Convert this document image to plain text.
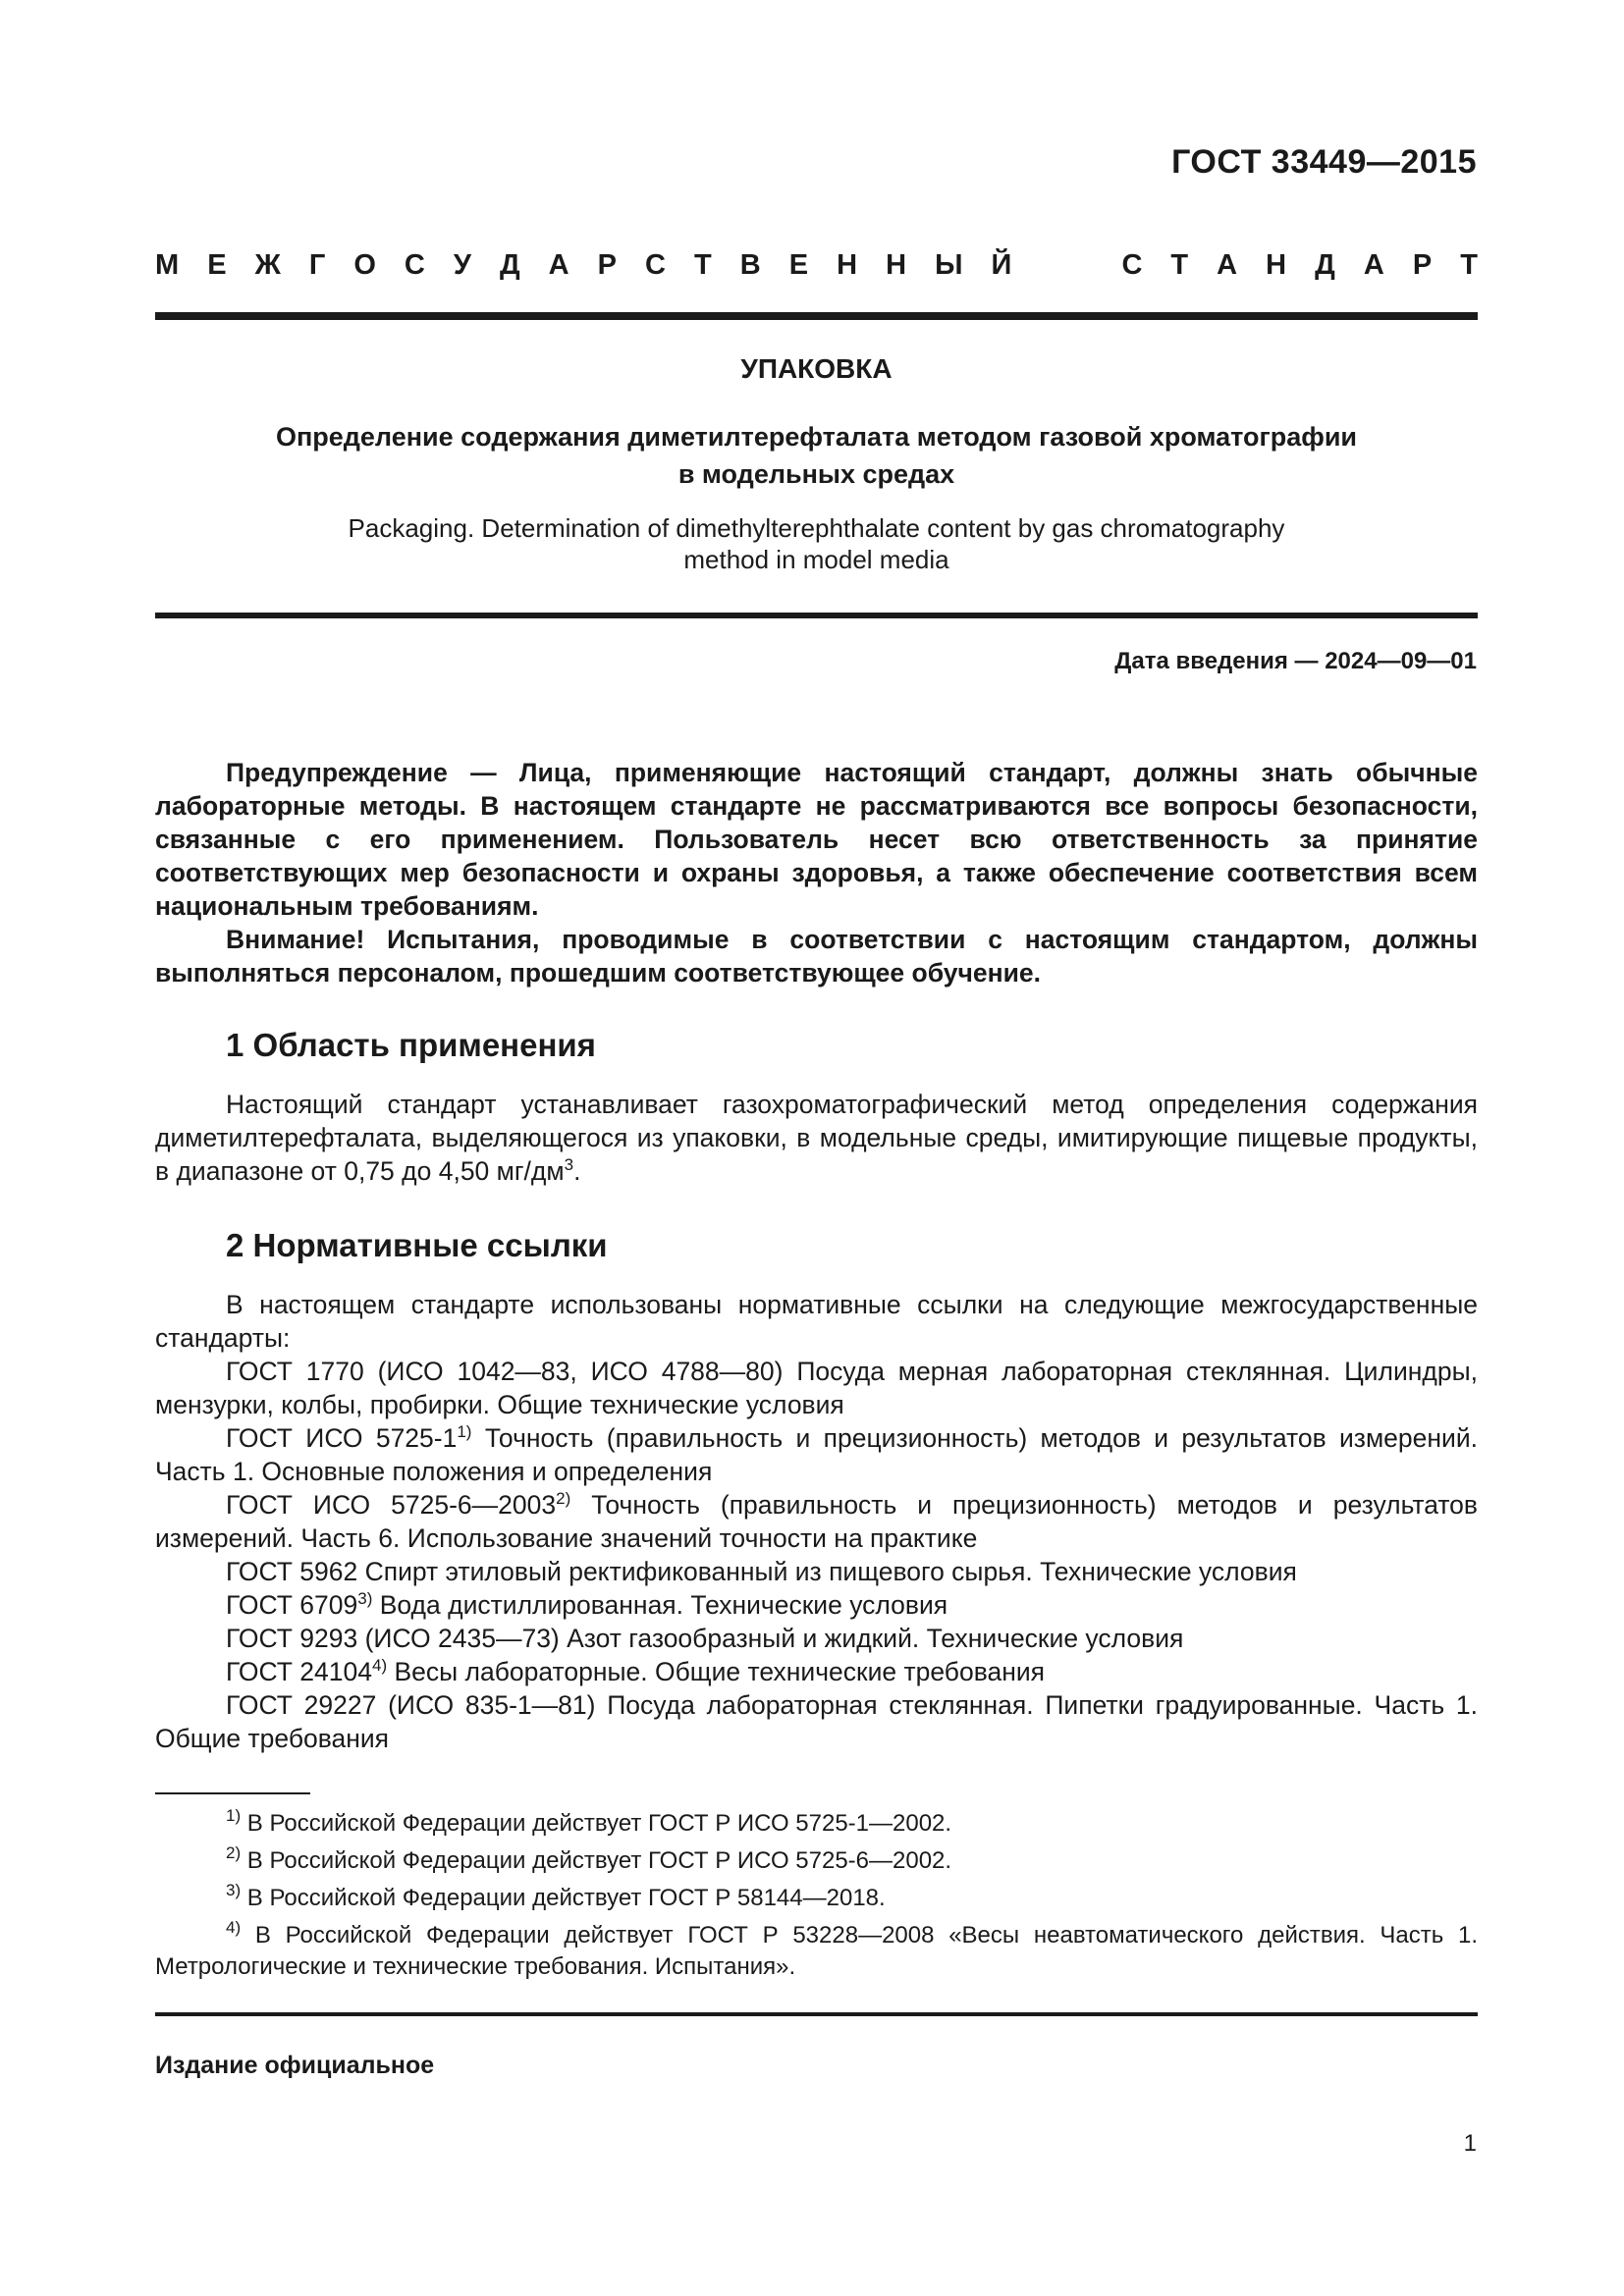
ГОСТ 33449—2015
М Е Ж Г О С У Д А Р С Т В Е Н Н Ы Й	С Т А Н Д А Р Т
УПАКОВКА
Определение содержания диметилтерефталата методом газовой хроматографии
в модельных средах
Packaging. Determination of dimethylterephthalate content by gas chromatography
method in model media
Дата введения — 2024—09—01

Предупреждение — Лица, применяющие настоящий стандарт, должны знать обычные лабораторные методы. В настоящем стандарте не рассматриваются все вопросы безопасности, связанные с его применением. Пользователь несет всю ответственность за принятие соответствующих мер безопасности и охраны здоровья, а также обеспечение соответствия всем национальным требованиям.

Внимание! Испытания, проводимые в соответствии с настоящим стандартом, должны выполняться персоналом, прошедшим соответствующее обучение.

1 Область применения

Настоящий стандарт устанавливает газохроматографический метод определения содержания диметилтерефталата, выделяющегося из упаковки, в модельные среды, имитирующие пищевые продукты, в диапазоне от 0,75 до 4,50 $мг/дм^3$.

2 Нормативные ссылки

В настоящем стандарте использованы нормативные ссылки на следующие межгосударственные стандарты:

ГОСТ 1770 (ИСО 1042—83, ИСО 4788—80) Посуда мерная лабораторная стеклянная. Цилиндры, мензурки, колбы, пробирки. Общие технические условия

ГОСТ ИСО 5725-1$^{1)}$ Точность (правильность и прецизионность) методов и результатов измерений. Часть 1. Основные положения и определения

ГОСТ ИСО 5725-6—2003$^{2)}$ Точность (правильность и прецизионность) методов и результатов измерений. Часть 6. Использование значений точности на практике

ГОСТ 5962 Спирт этиловый ректификованный из пищевого сырья. Технические условия

ГОСТ 6709$^{3)}$ Вода дистиллированная. Технические условия

ГОСТ 9293 (ИСО 2435—73) Азот газообразный и жидкий. Технические условия

ГОСТ 24104$^{4)}$ Весы лабораторные. Общие технические требования

ГОСТ 29227 (ИСО 835-1—81) Посуда лабораторная стеклянная. Пипетки градуированные. Часть 1. Общие требования

$^{1)}$ В Российской Федерации действует ГОСТ Р ИСО 5725-1—2002.

$^{2)}$ В Российской Федерации действует ГОСТ Р ИСО 5725-6—2002.

$^{3)}$ В Российской Федерации действует ГОСТ Р 58144—2018.

$^{4)}$ В Российской Федерации действует ГОСТ Р 53228—2008 «Весы неавтоматического действия. Часть 1. Метрологические и технические требования. Испытания».

Издание официальное
1
